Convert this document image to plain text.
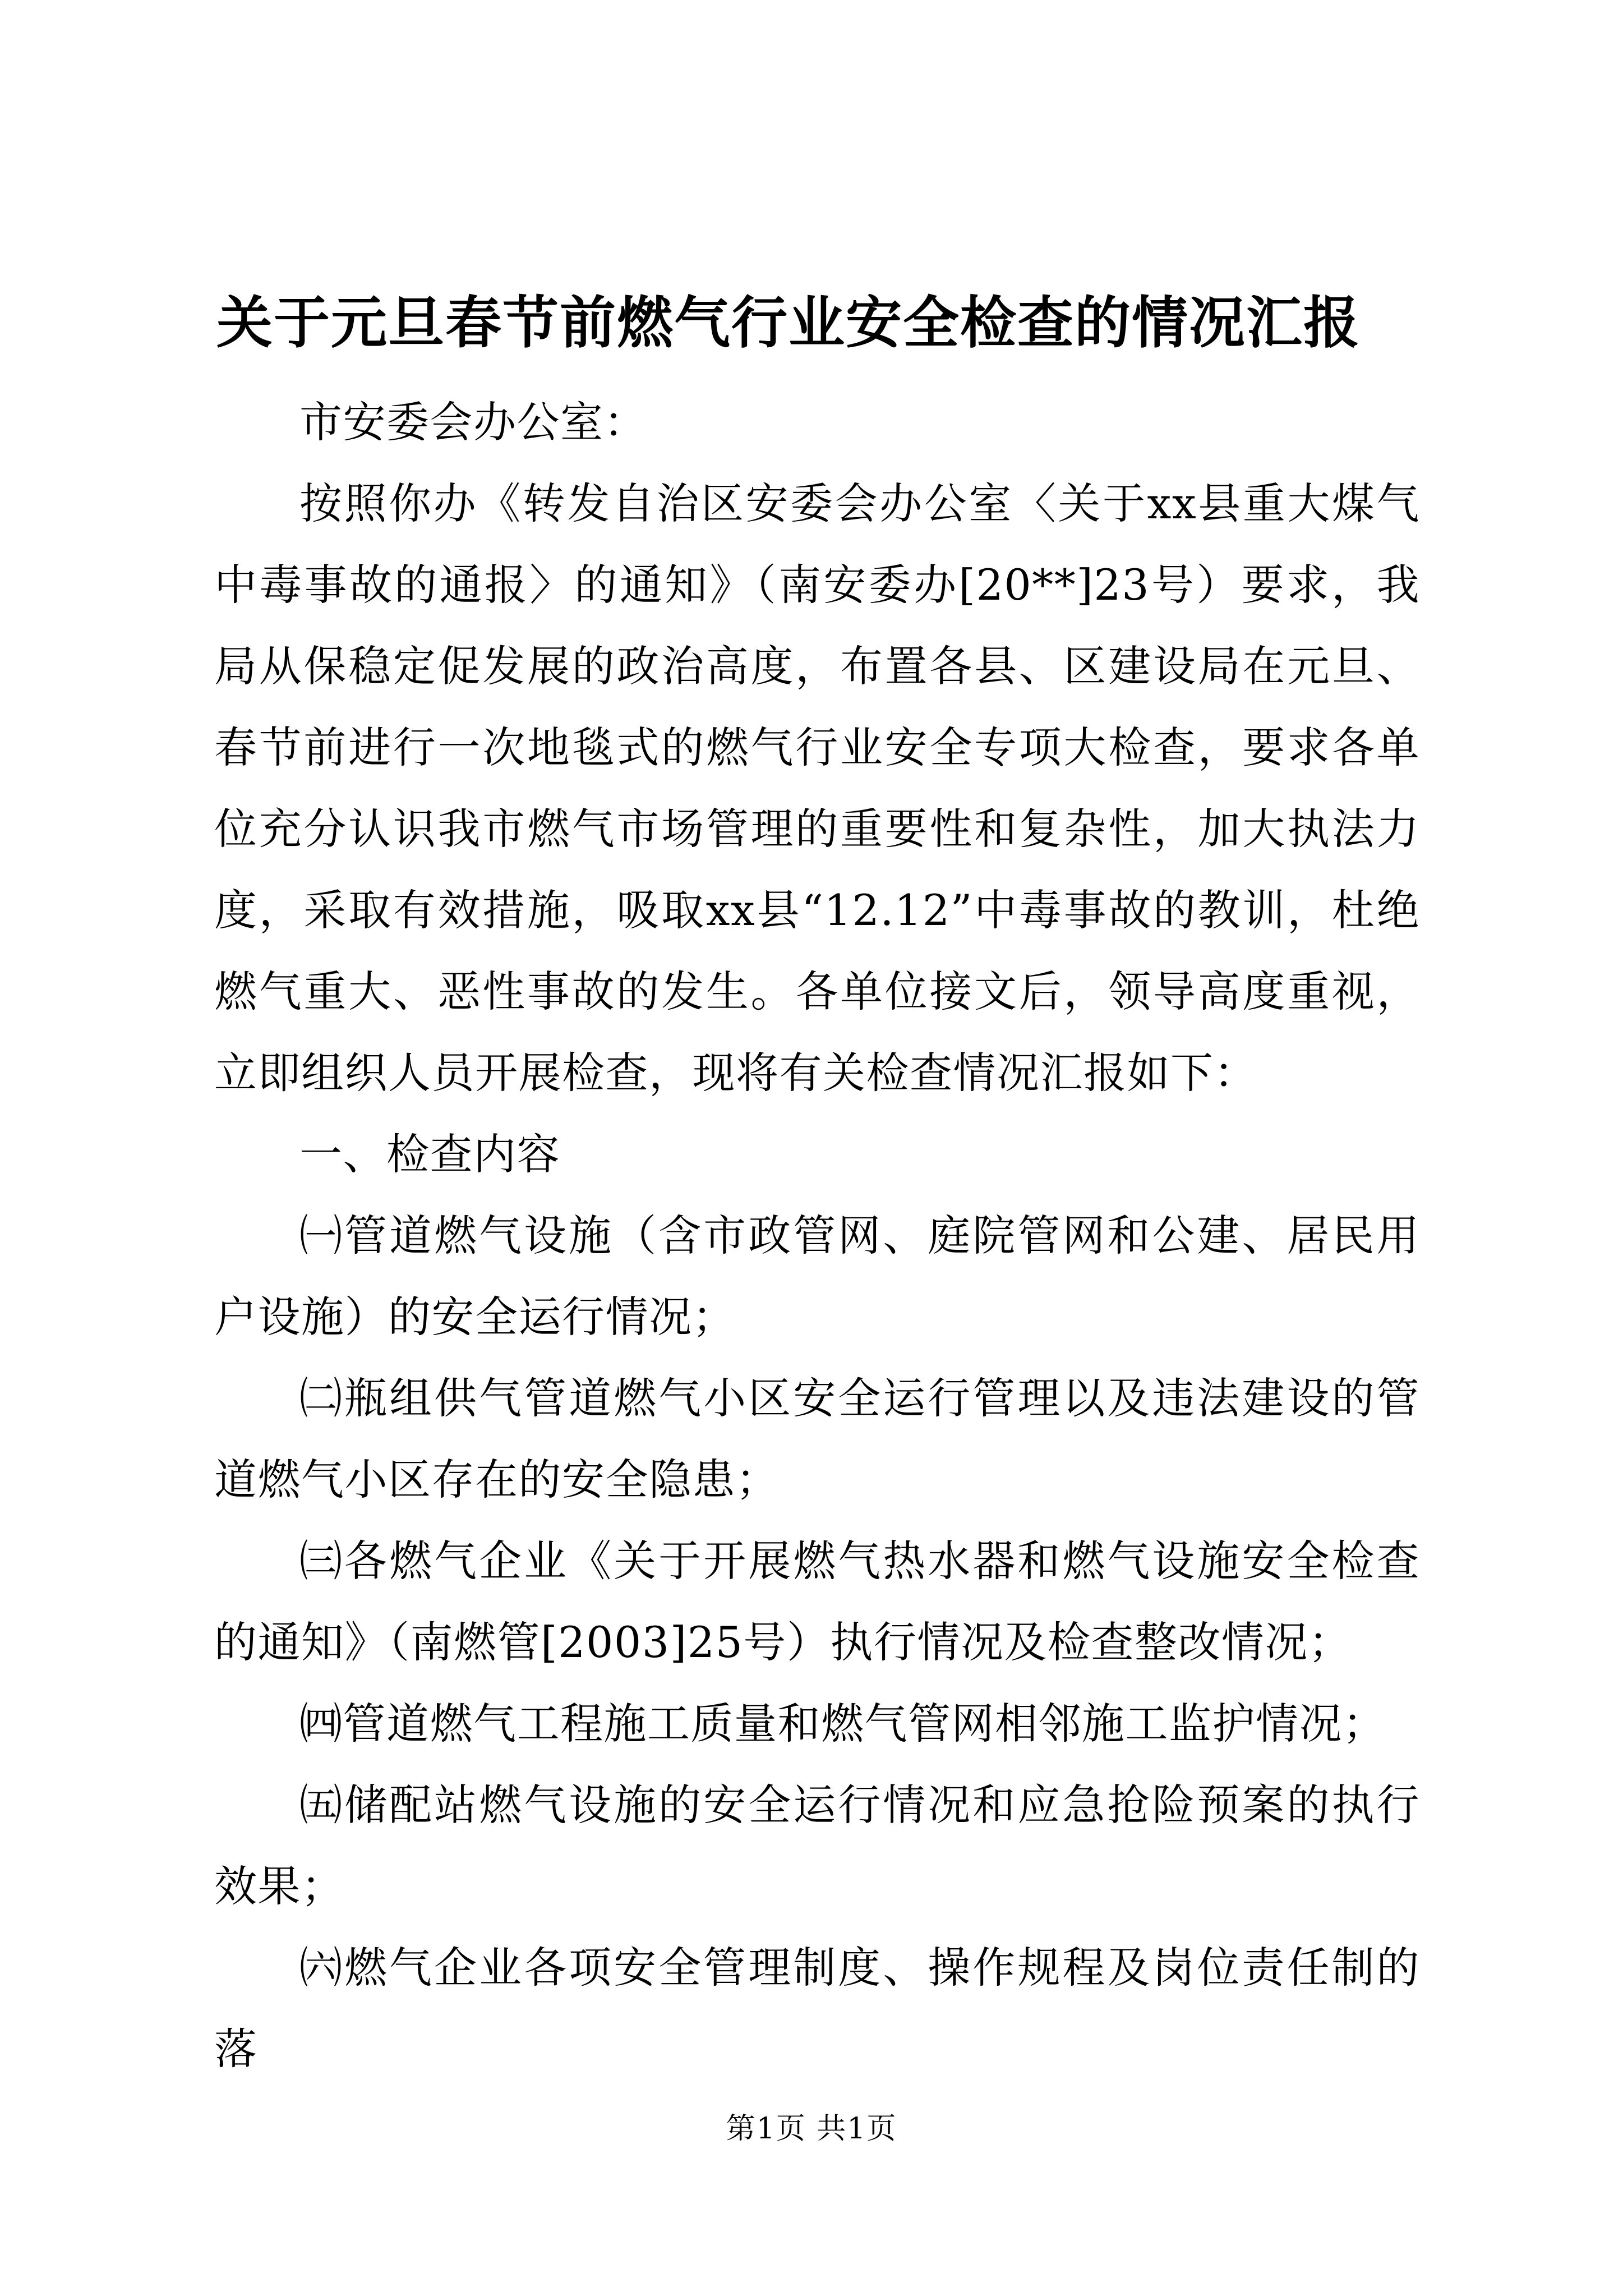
关于元旦春节前燃气行业安全检查的情况汇报

市安委会办公室：

按照你办《转发自治区安委会办公室〈关于xx县重大煤气中毒事故的通报〉的通知》（南安委办[20**]23号）要求，我局从保稳定促发展的政治高度，布置各县、区建设局在元旦、春节前进行一次地毯式的燃气行业安全专项大检查，要求各单位充分认识我市燃气市场管理的重要性和复杂性，加大执法力度，采取有效措施，吸取xx县“12.12”中毒事故的教训，杜绝燃气重大、恶性事故的发生。各单位接文后，领导高度重视，立即组织人员开展检查，现将有关检查情况汇报如下：

一、检查内容

㈠管道燃气设施（含市政管网、庭院管网和公建、居民用户设施）的安全运行情况；

㈡瓶组供气管道燃气小区安全运行管理以及违法建设的管道燃气小区存在的安全隐患；

㈢各燃气企业《关于开展燃气热水器和燃气设施安全检查的通知》（南燃管[2003]25号）执行情况及检查整改情况；

㈣管道燃气工程施工质量和燃气管网相邻施工监护情况；

㈤储配站燃气设施的安全运行情况和应急抢险预案的执行效果；

㈥燃气企业各项安全管理制度、操作规程及岗位责任制的落

第1页 共1页
